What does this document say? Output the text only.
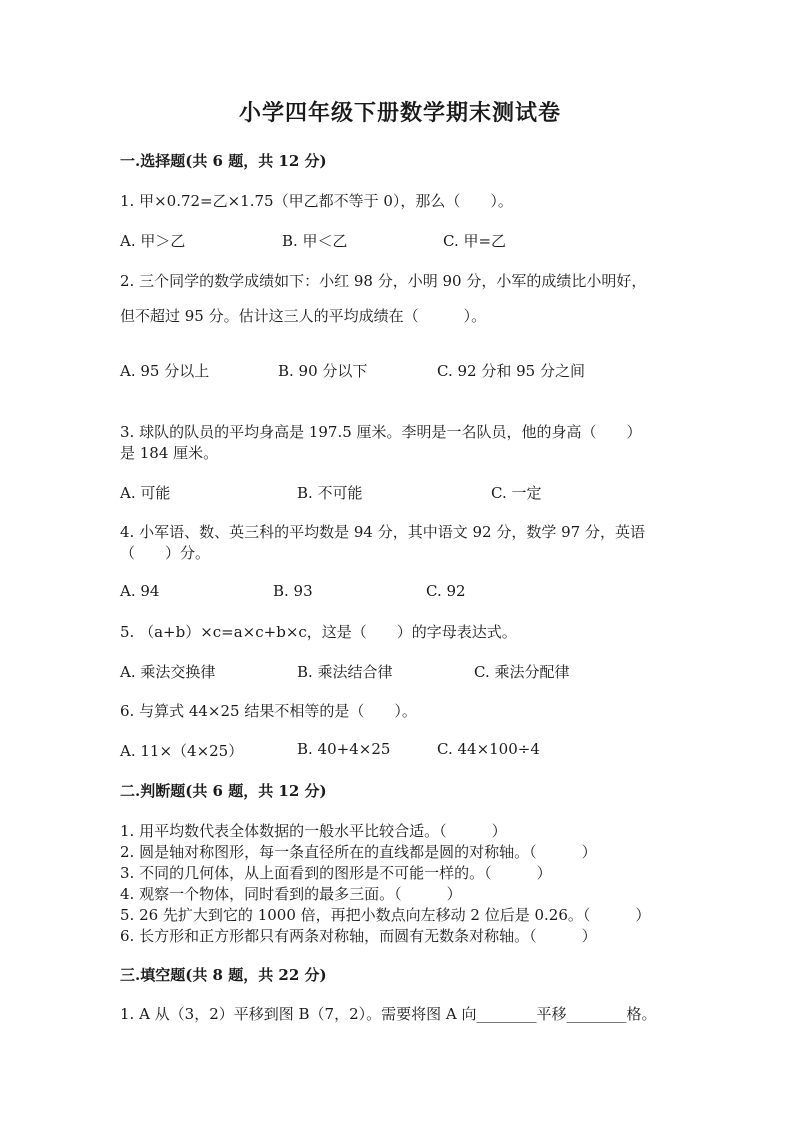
小学四年级下册数学期末测试卷
一.选择题(共 6 题，共 12 分)
1. 甲×0.72=乙×1.75（甲乙都不等于 0），那么（　　）。
A. 甲＞乙	B. 甲＜乙	C. 甲=乙
2. 三个同学的数学成绩如下：小红 98 分，小明 90 分，小军的成绩比小明好，
但不超过 95 分。估计这三人的平均成绩在（　　　）。
A. 95 分以上	B. 90 分以下	C. 92 分和 95 分之间
3. 球队的队员的平均身高是 197.5 厘米。李明是一名队员，他的身高（　　）
是 184 厘米。
A. 可能	B. 不可能	C. 一定
4. 小军语、数、英三科的平均数是 94 分，其中语文 92 分，数学 97 分，英语
（　　）分。
A. 94	B. 93	C. 92
5. （a+b）×c=a×c+b×c，这是（　　）的字母表达式。
A. 乘法交换律	B. 乘法结合律	C. 乘法分配律
6. 与算式 44×25 结果不相等的是（　　）。
A. 11×（4×25）	B. 40+4×25	C. 44×100÷4
二.判断题(共 6 题，共 12 分)
1. 用平均数代表全体数据的一般水平比较合适。（　　　）
2. 圆是轴对称图形，每一条直径所在的直线都是圆的对称轴。（　　　）
3. 不同的几何体，从上面看到的图形是不可能一样的。（　　　）
4. 观察一个物体，同时看到的最多三面。（　　　）
5. 26 先扩大到它的 1000 倍，再把小数点向左移动 2 位后是 0.26。（　　　）
6. 长方形和正方形都只有两条对称轴，而圆有无数条对称轴。（　　　）
三.填空题(共 8 题，共 22 分)
1. A 从（3，2）平移到图 B（7，2）。需要将图 A 向________平移________格。
